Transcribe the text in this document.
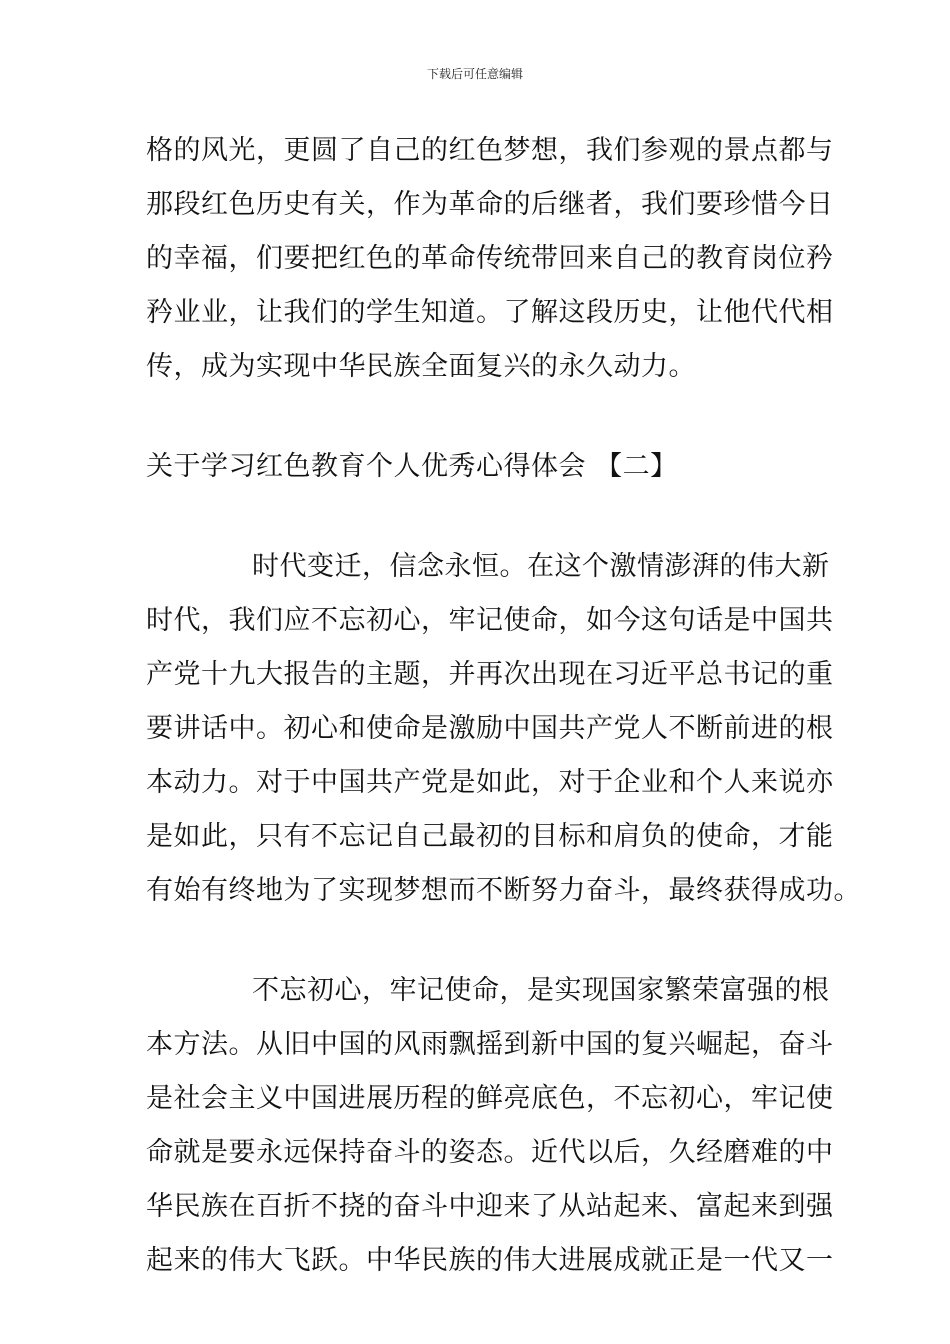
下载后可任意编辑
格的风光，更圆了自己的红色梦想，我们参观的景点都与
那段红色历史有关，作为革命的后继者，我们要珍惜今日
的幸福，们要把红色的革命传统带回来自己的教育岗位矜
矜业业，让我们的学生知道。了解这段历史，让他代代相
传，成为实现中华民族全面复兴的永久动力。
关于学习红色教育个人优秀心得体会 【二】
时代变迁，信念永恒。在这个激情澎湃的伟大新
时代，我们应不忘初心，牢记使命，如今这句话是中国共
产党十九大报告的主题，并再次出现在习近平总书记的重
要讲话中。初心和使命是激励中国共产党人不断前进的根
本动力。对于中国共产党是如此，对于企业和个人来说亦
是如此，只有不忘记自己最初的目标和肩负的使命，才能
有始有终地为了实现梦想而不断努力奋斗，最终获得成功。
不忘初心，牢记使命，是实现国家繁荣富强的根
本方法。从旧中国的风雨飘摇到新中国的复兴崛起，奋斗
是社会主义中国进展历程的鲜亮底色，不忘初心，牢记使
命就是要永远保持奋斗的姿态。近代以后，久经磨难的中
华民族在百折不挠的奋斗中迎来了从站起来、富起来到强
起来的伟大飞跃。中华民族的伟大进展成就正是一代又一
